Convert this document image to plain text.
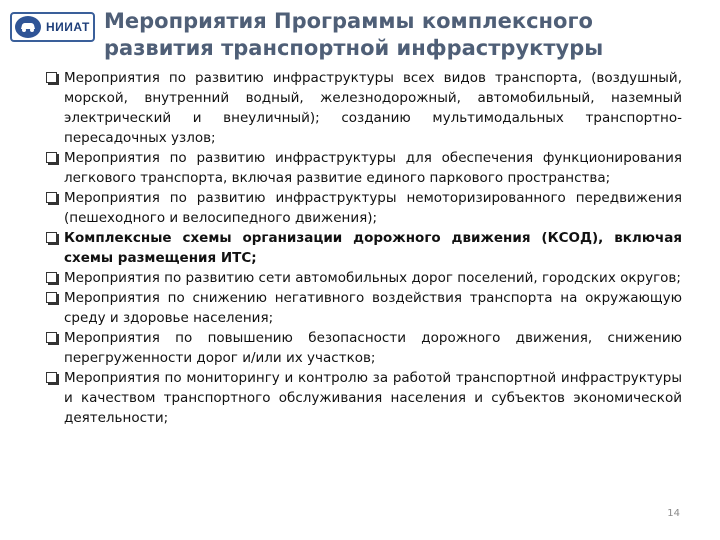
НИИАТ Мероприятия Программы комплексного развития транспортной инфраструктуры
Мероприятия по развитию инфраструктуры всех видов транспорта, (воздушный, морской, внутренний водный, железнодорожный, автомобильный, наземный электрический и внеуличный); созданию мультимодальных транспортно-пересадочных узлов;
Мероприятия по развитию инфраструктуры для обеспечения функционирования легкового транспорта, включая развитие единого паркового пространства;
Мероприятия по развитию инфраструктуры немоторизированного передвижения (пешеходного и велосипедного движения);
Комплексные схемы организации дорожного движения (КСОД), включая схемы размещения ИТС;
Мероприятия по развитию сети автомобильных дорог поселений, городских округов;
Мероприятия по снижению негативного воздействия транспорта на окружающую среду и здоровье населения;
Мероприятия по повышению безопасности дорожного движения, снижению перегруженности дорог и/или их участков;
Мероприятия по мониторингу и контролю за работой транспортной инфраструктуры и качеством транспортного обслуживания населения и субъектов экономической деятельности;
14
